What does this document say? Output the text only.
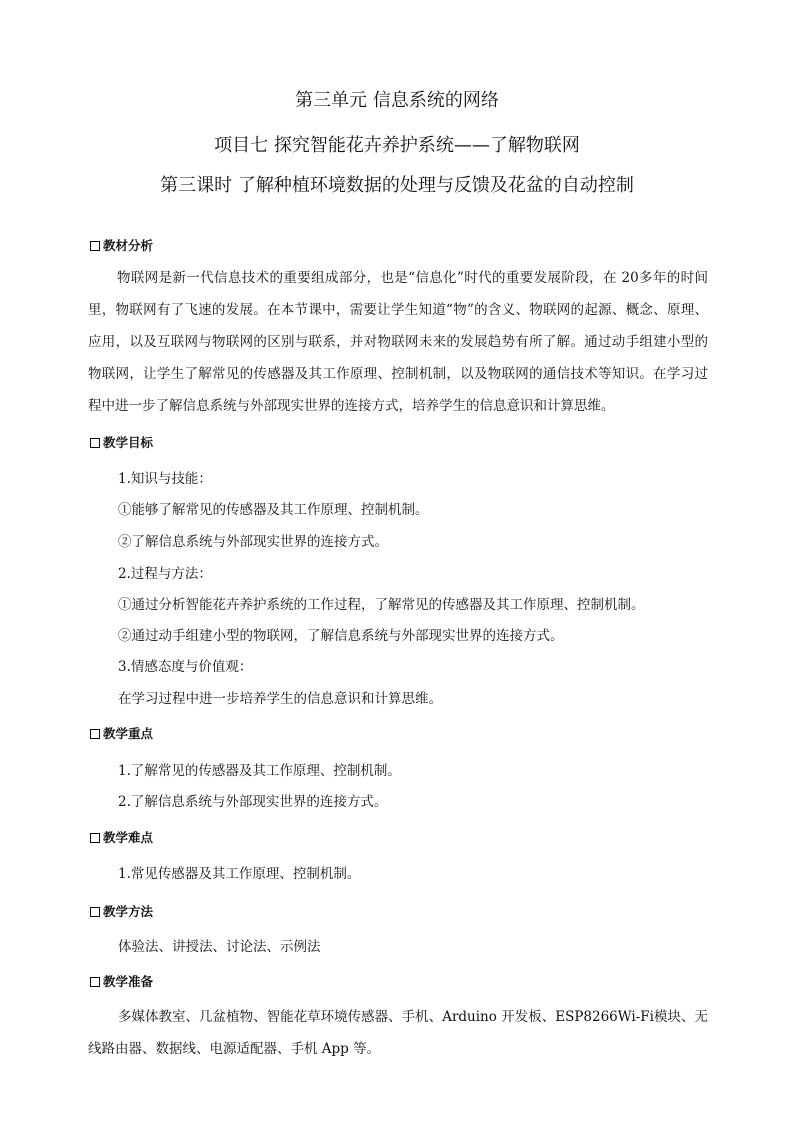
第三单元 信息系统的网络
项目七 探究智能花卉养护系统——了解物联网
第三课时 了解种植环境数据的处理与反馈及花盆的自动控制
教材分析
物联网是新一代信息技术的重要组成部分，也是“信息化”时代的重要发展阶段，在 20多年的时间里，物联网有了飞速的发展。在本节课中，需要让学生知道“物”的含义、物联网的起源、概念、原理、应用，以及互联网与物联网的区别与联系，并对物联网未来的发展趋势有所了解。通过动手组建小型的物联网，让学生了解常见的传感器及其工作原理、控制机制，以及物联网的通信技术等知识。在学习过程中进一步了解信息系统与外部现实世界的连接方式，培养学生的信息意识和计算思维。
教学目标
1.知识与技能：
①能够了解常见的传感器及其工作原理、控制机制。
②了解信息系统与外部现实世界的连接方式。
2.过程与方法：
①通过分析智能花卉养护系统的工作过程，了解常见的传感器及其工作原理、控制机制。
②通过动手组建小型的物联网，了解信息系统与外部现实世界的连接方式。
3.情感态度与价值观：
在学习过程中进一步培养学生的信息意识和计算思维。
教学重点
1.了解常见的传感器及其工作原理、控制机制。
2.了解信息系统与外部现实世界的连接方式。
教学难点
1.常见传感器及其工作原理、控制机制。
教学方法
体验法、讲授法、讨论法、示例法
教学准备
多媒体教室、几盆植物、智能花草环境传感器、手机、Arduino 开发板、ESP8266Wi-Fi模块、无线路由器、数据线、电源适配器、手机 App 等。
